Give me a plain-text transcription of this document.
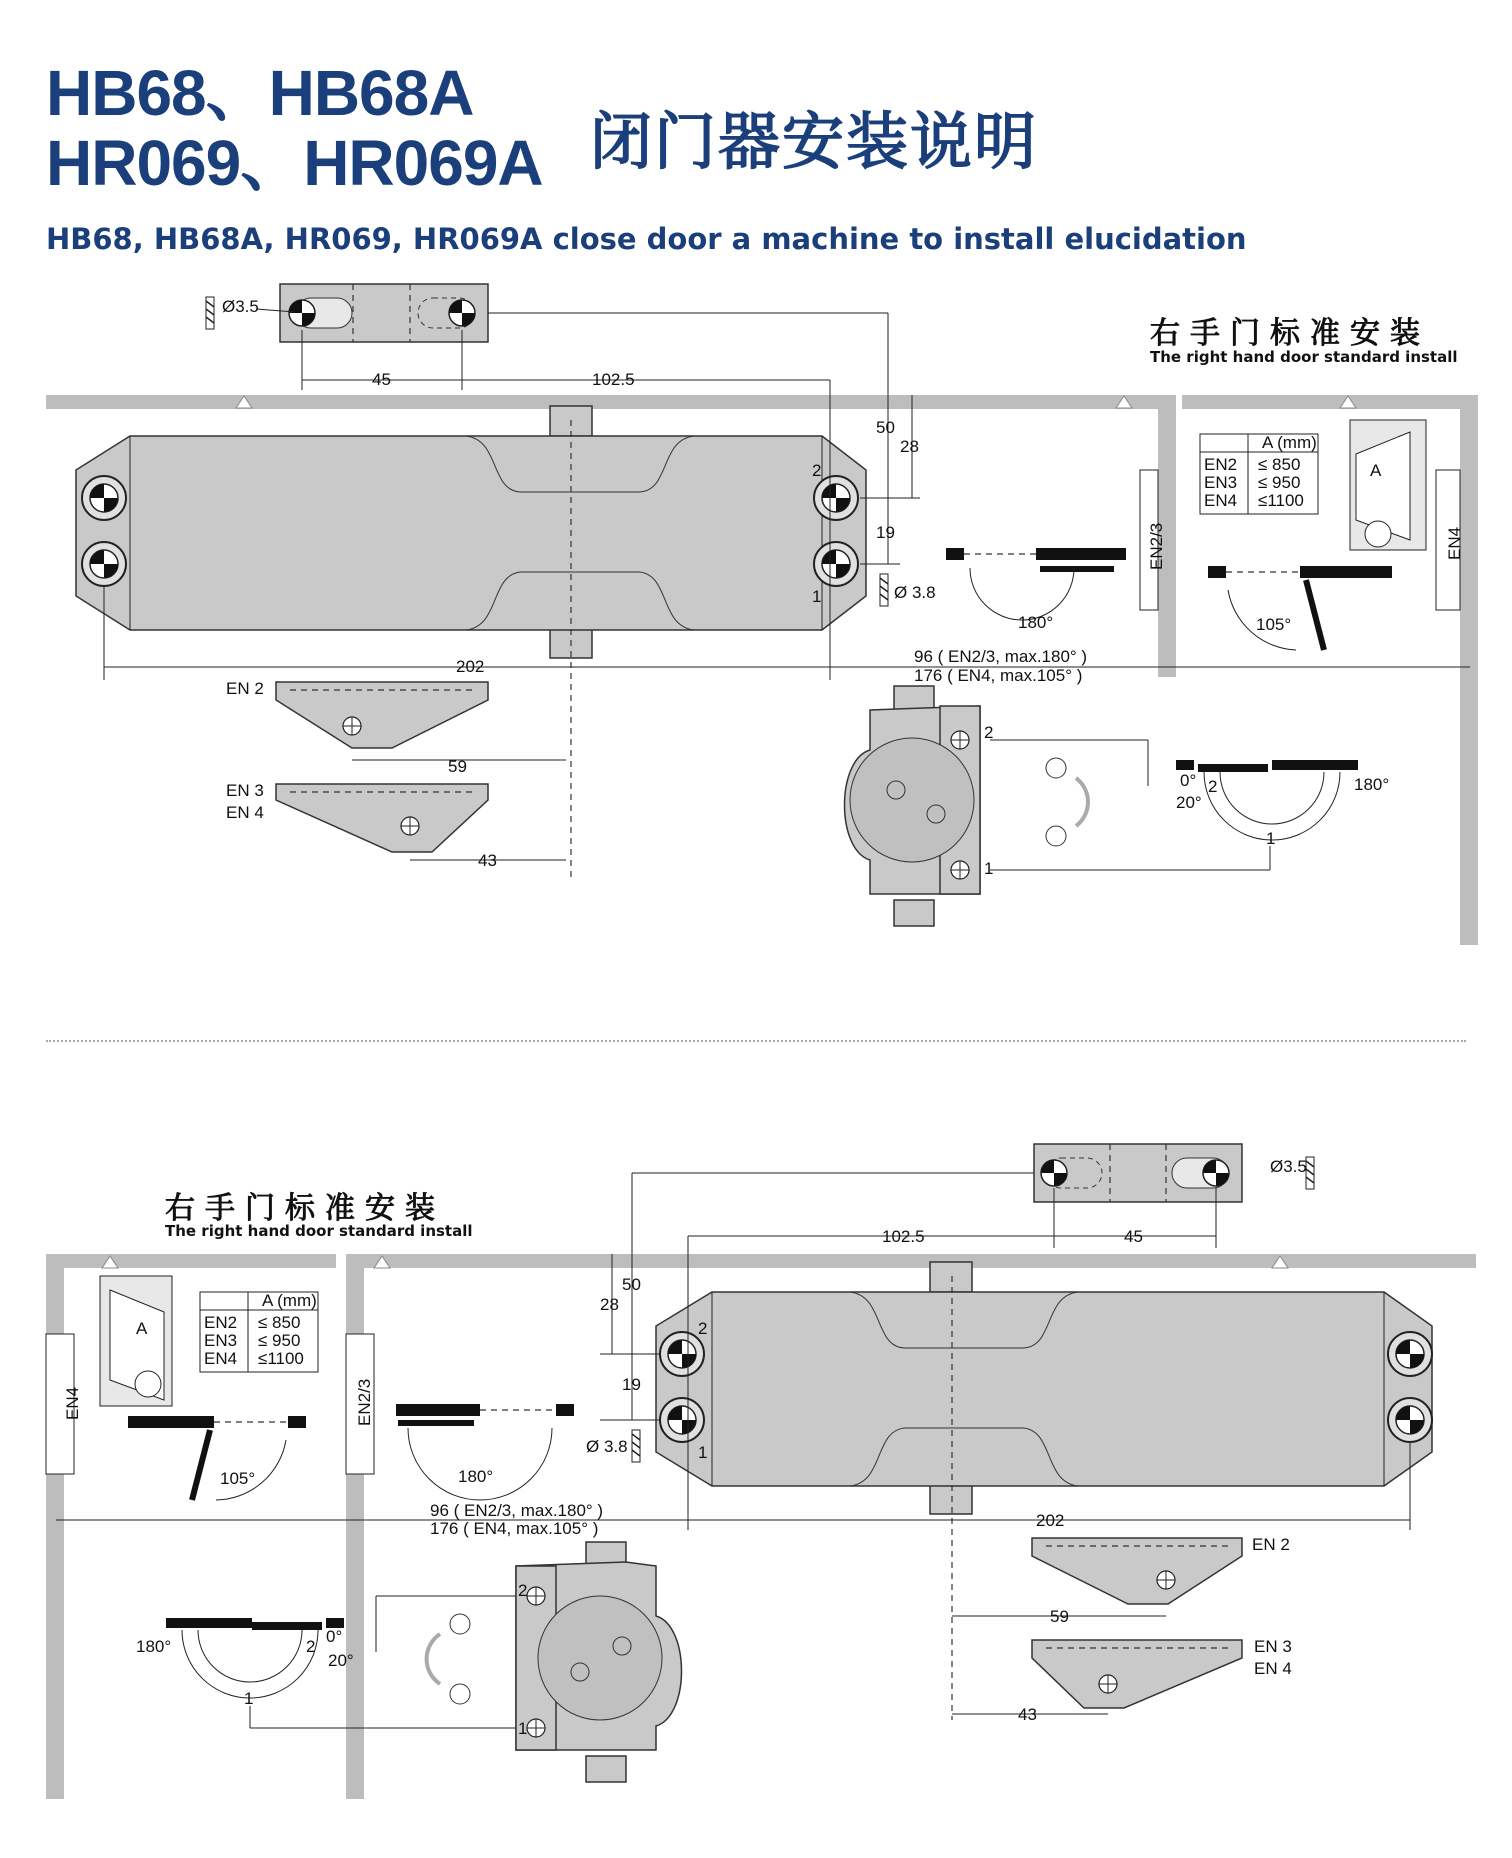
HB68、HB68A
HR069、HR069A 闭门器安装说明
HB68, HB68A, HR069, HR069A close door a machine to install elucidation
右手门标准安装
The right hand door standard install
右手门标准安装
The right hand door standard install
Ø3.5
45	102.5
2
1
50
28
19
Ø 3.8
202
96 ( EN2/3, max.180° )
176 ( EN4, max.105° )
EN 2
59
EN 3
EN 4
43
180°
EN2/3
105°
A (mm)
EN2 ≤ 850
EN3 ≤ 950
EN4 ≤1100
A
EN4
2
1
0°
20°
180°
1
2
Ø3.5
102.5	45
2
1
50
28
19
Ø 3.8
202
96 ( EN2/3, max.180° )
176 ( EN4, max.105° )
EN 2
59
EN 3
EN 4
43
A (mm)
EN2 ≤ 850
EN3 ≤ 950
EN4 ≤1100
A
EN4	EN2/3
105°	180°
2
1
180°
0°
20°
1
2
